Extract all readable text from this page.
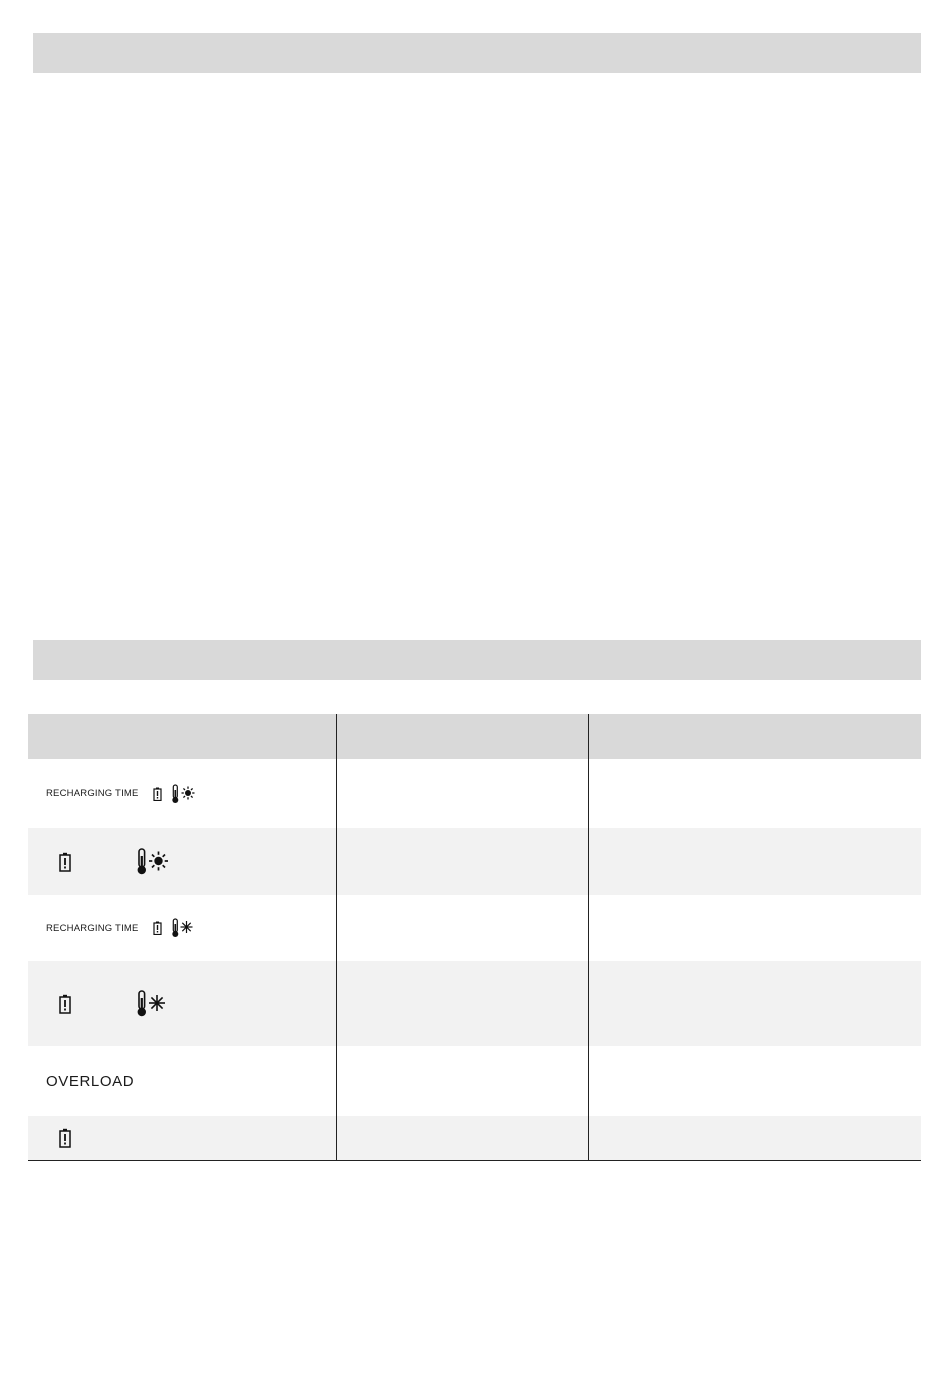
RECHARGING TIME
RECHARGING TIME
OVERLOAD
